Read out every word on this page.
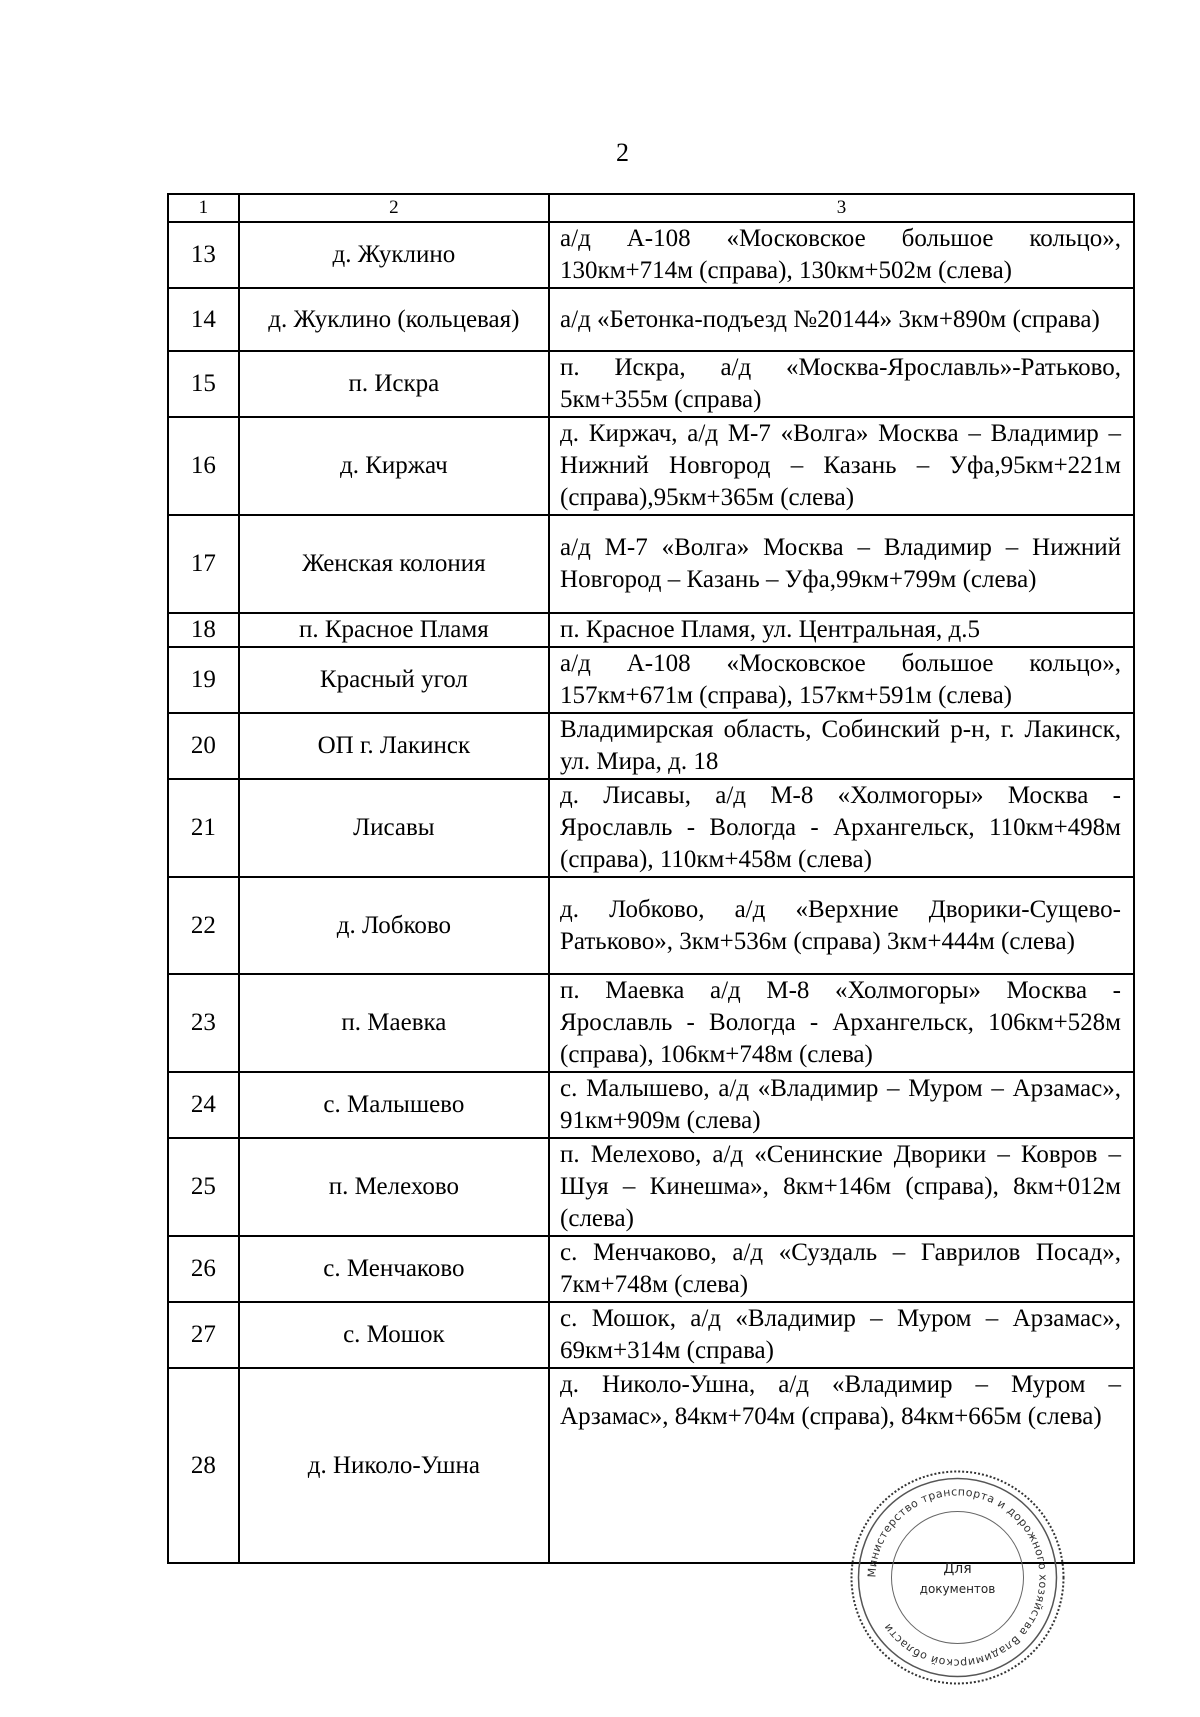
2
1	2	3
13	д. Жуклино	а/д А-108 «Московское большое кольцо», 130км+714м (справа), 130км+502м (слева)
14	д. Жуклино (кольцевая)	а/д «Бетонка-подъезд №20144» 3км+890м (справа)
15	п. Искра	п. Искра, а/д «Москва-Ярославль»-Ратьково, 5км+355м (справа)
16	д. Киржач	д. Киржач, а/д М-7 «Волга» Москва – Владимир – Нижний Новгород – Казань – Уфа,95км+221м (справа),95км+365м (слева)
17	Женская колония	а/д М-7 «Волга» Москва – Владимир – Нижний Новгород – Казань – Уфа,99км+799м (слева)
18	п. Красное Пламя	п. Красное Пламя, ул. Центральная, д.5
19	Красный угол	а/д А-108 «Московское большое кольцо», 157км+671м (справа), 157км+591м (слева)
20	ОП г. Лакинск	Владимирская область, Собинский р-н, г. Лакинск, ул. Мира, д. 18
21	Лисавы	д. Лисавы, а/д М-8 «Холмогоры» Москва - Ярославль - Вологда - Архангельск, 110км+498м (справа), 110км+458м (слева)
22	д. Лобково	д. Лобково, а/д «Верхние Дворики-Сущево-Ратьково», 3км+536м (справа) 3км+444м (слева)
23	п. Маевка	п. Маевка а/д М-8 «Холмогоры» Москва - Ярославль - Вологда - Архангельск, 106км+528м (справа), 106км+748м (слева)
24	с. Малышево	с. Малышево, а/д «Владимир – Муром – Арзамас», 91км+909м (слева)
25	п. Мелехово	п. Мелехово, а/д «Сенинские Дворики – Ковров – Шуя – Кинешма», 8км+146м (справа), 8км+012м (слева)
26	с. Менчаково	с. Менчаково, а/д «Суздаль – Гаврилов Посад», 7км+748м (слева)
27	с. Мошок	с. Мошок, а/д «Владимир – Муром – Арзамас», 69км+314м (справа)
28	д. Николо-Ушна	д. Николо-Ушна, а/д «Владимир – Муром – Арзамас», 84км+704м (справа), 84км+665м (слева)
Министерство транспорта и дорожного хозяйства Владимирской области
Для
документов
